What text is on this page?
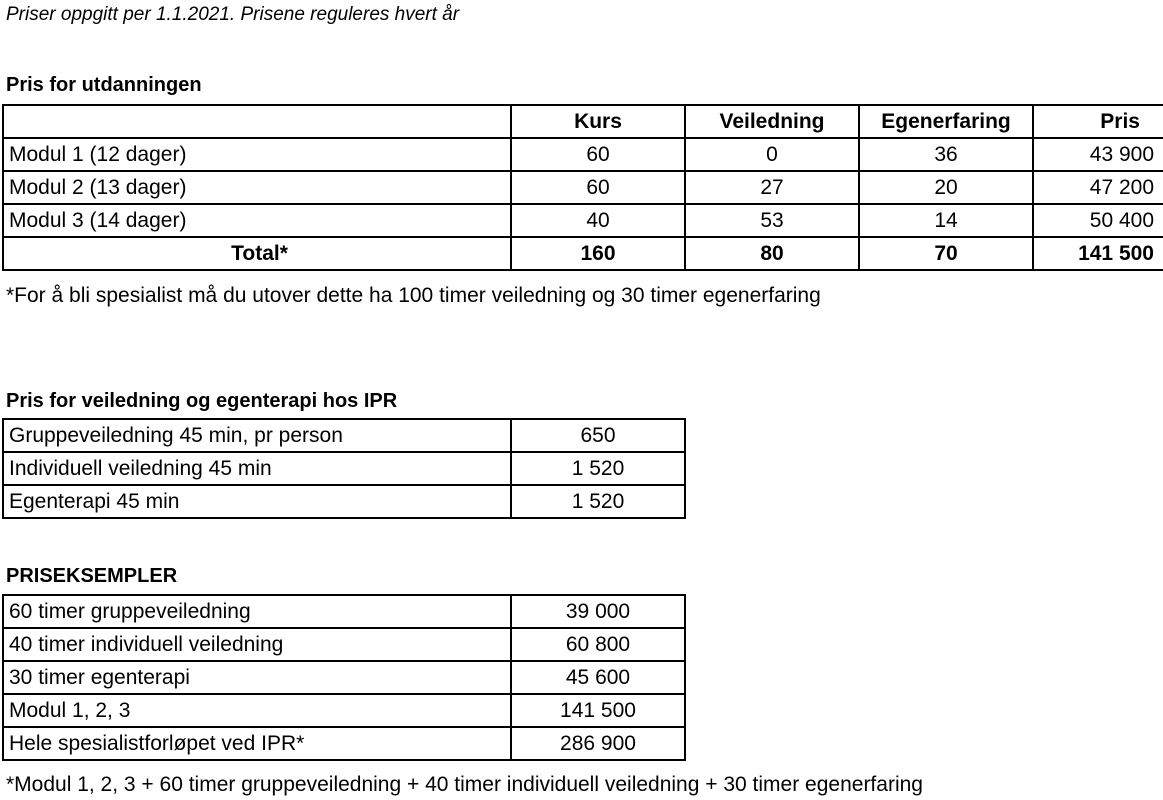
Priser oppgitt per 1.1.2021. Prisene reguleres hvert år
Pris for utdanningen
	Kurs	Veiledning	Egenerfaring	Pris
Modul 1 (12 dager)	60	0	36	43 900
Modul 2 (13 dager)	60	27	20	47 200
Modul 3 (14 dager)	40	53	14	50 400
Total*	160	80	70	141 500
*For å bli spesialist må du utover dette ha 100 timer veiledning og 30 timer egenerfaring
Pris for veiledning og egenterapi hos IPR
Gruppeveiledning 45 min, pr person	650
Individuell veiledning 45 min	1 520
Egenterapi 45 min	1 520
PRISEKSEMPLER
60 timer gruppeveiledning	39 000
40 timer individuell veiledning	60 800
30 timer egenterapi	45 600
Modul 1, 2, 3	141 500
Hele spesialistforløpet ved IPR*	286 900
*Modul 1, 2, 3 + 60 timer gruppeveiledning + 40 timer individuell veiledning + 30 timer egenerfaring
